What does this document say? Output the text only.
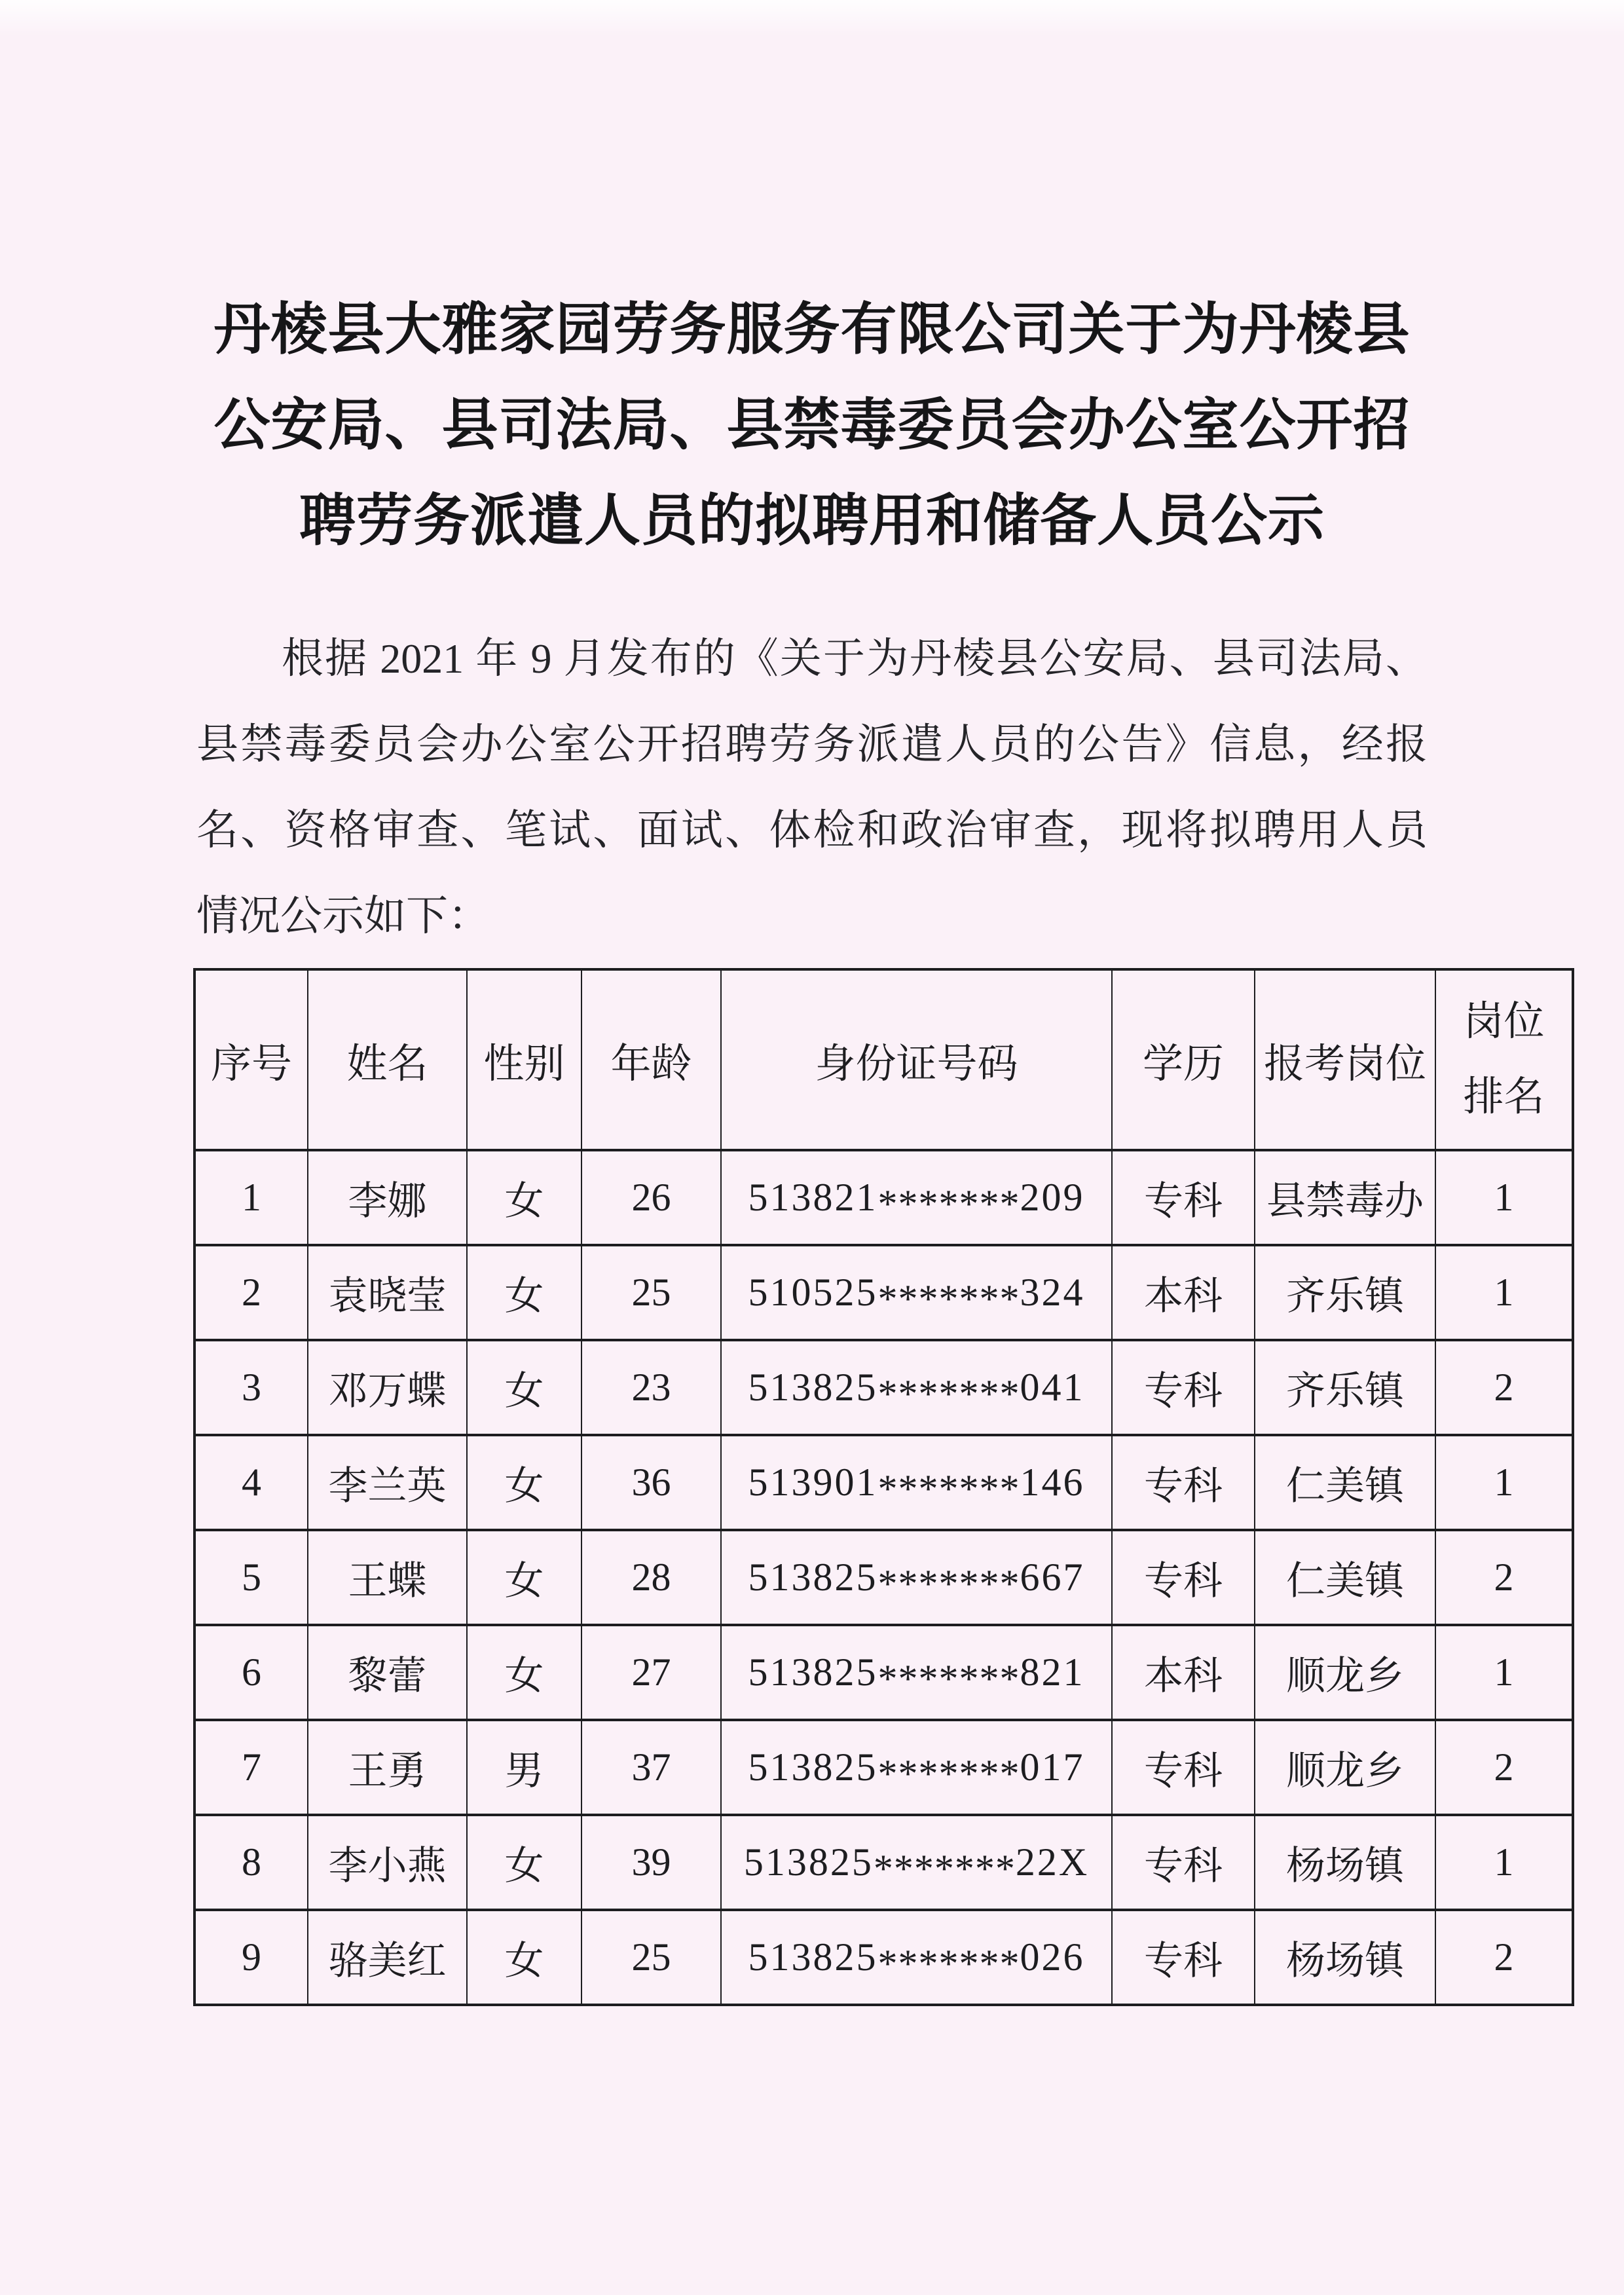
丹棱县大雅家园劳务服务有限公司关于为丹棱县
公安局、县司法局、县禁毒委员会办公室公开招
聘劳务派遣人员的拟聘用和储备人员公示
根据 2021 年 9 月发布的《关于为丹棱县公安局、县司法局、
县禁毒委员会办公室公开招聘劳务派遣人员的公告》信息，经报
名、资格审查、笔试、面试、体检和政治审查，现将拟聘用人员
情况公示如下：
序号	姓名	性别	年龄	身份证号码	学历	报考岗位	岗位排名
1	李娜	女	26	513821*******209	专科	县禁毒办	1
2	袁晓莹	女	25	510525*******324	本科	齐乐镇	1
3	邓万蝶	女	23	513825*******041	专科	齐乐镇	2
4	李兰英	女	36	513901*******146	专科	仁美镇	1
5	王蝶	女	28	513825*******667	专科	仁美镇	2
6	黎蕾	女	27	513825*******821	本科	顺龙乡	1
7	王勇	男	37	513825*******017	专科	顺龙乡	2
8	李小燕	女	39	513825*******22X	专科	杨场镇	1
9	骆美红	女	25	513825*******026	专科	杨场镇	2
